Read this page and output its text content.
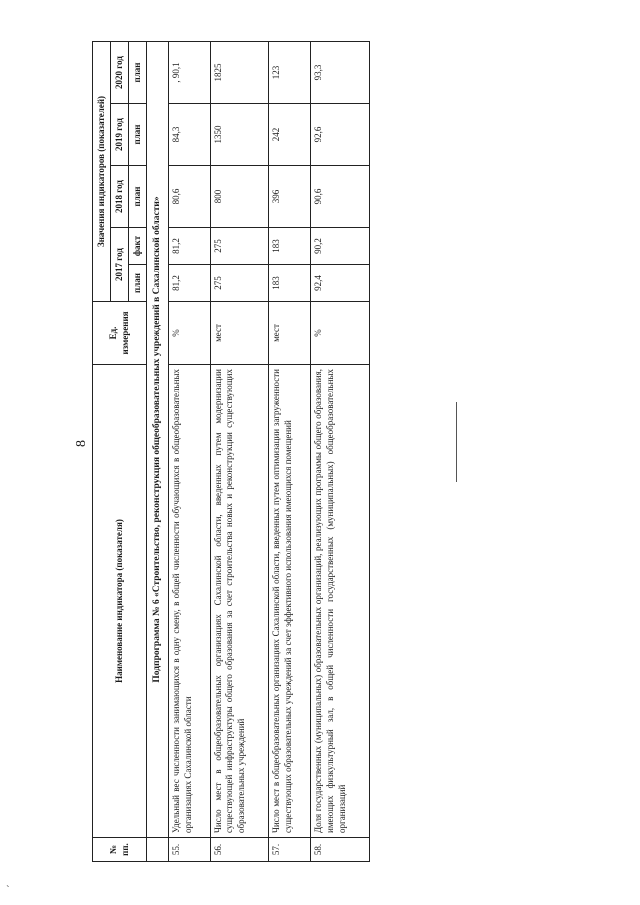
8
`
№ пп.	Наименование индикатора (показателя)	Ед. измерения	Значения индикаторов (показателей)				
			2017 год		2018 год	2019 год	2020 год
			план	факт	план	план	план
	Подпрограмма № 6 «Строительство, реконструкция общеобразовательных учреждений в Сахалинской области»						
55.	Удельный вес численности занимающихся в одну смену, в общей численности обучающихся в общеобразовательных организациях Сахалинской области	%	81,2	81,2	80,6	84,3	, 90,1
56.	Число мест в общеобразовательных организациях Сахалинской области, введенных путем модернизации существующей инфраструктуры общего образования за счет строительства новых и реконструкции существующих образовательных учреждений	мест	275	275	800	1350	1825
57.	Число мест в общеобразовательных организациях Сахалинской области, введенных путем оптимизации загруженности существующих образовательных учреждений за счет эффективного использования имеющихся помещений	мест	183	183	396	242	123
58.	Доля государственных (муниципальных) образовательных организаций, реализующих программы общего образования, имеющих физкультурный зал, в общей численности государственных (муниципальных) общеобразовательных организаций	%	92,4	90,2	90,6	92,6	93,3
